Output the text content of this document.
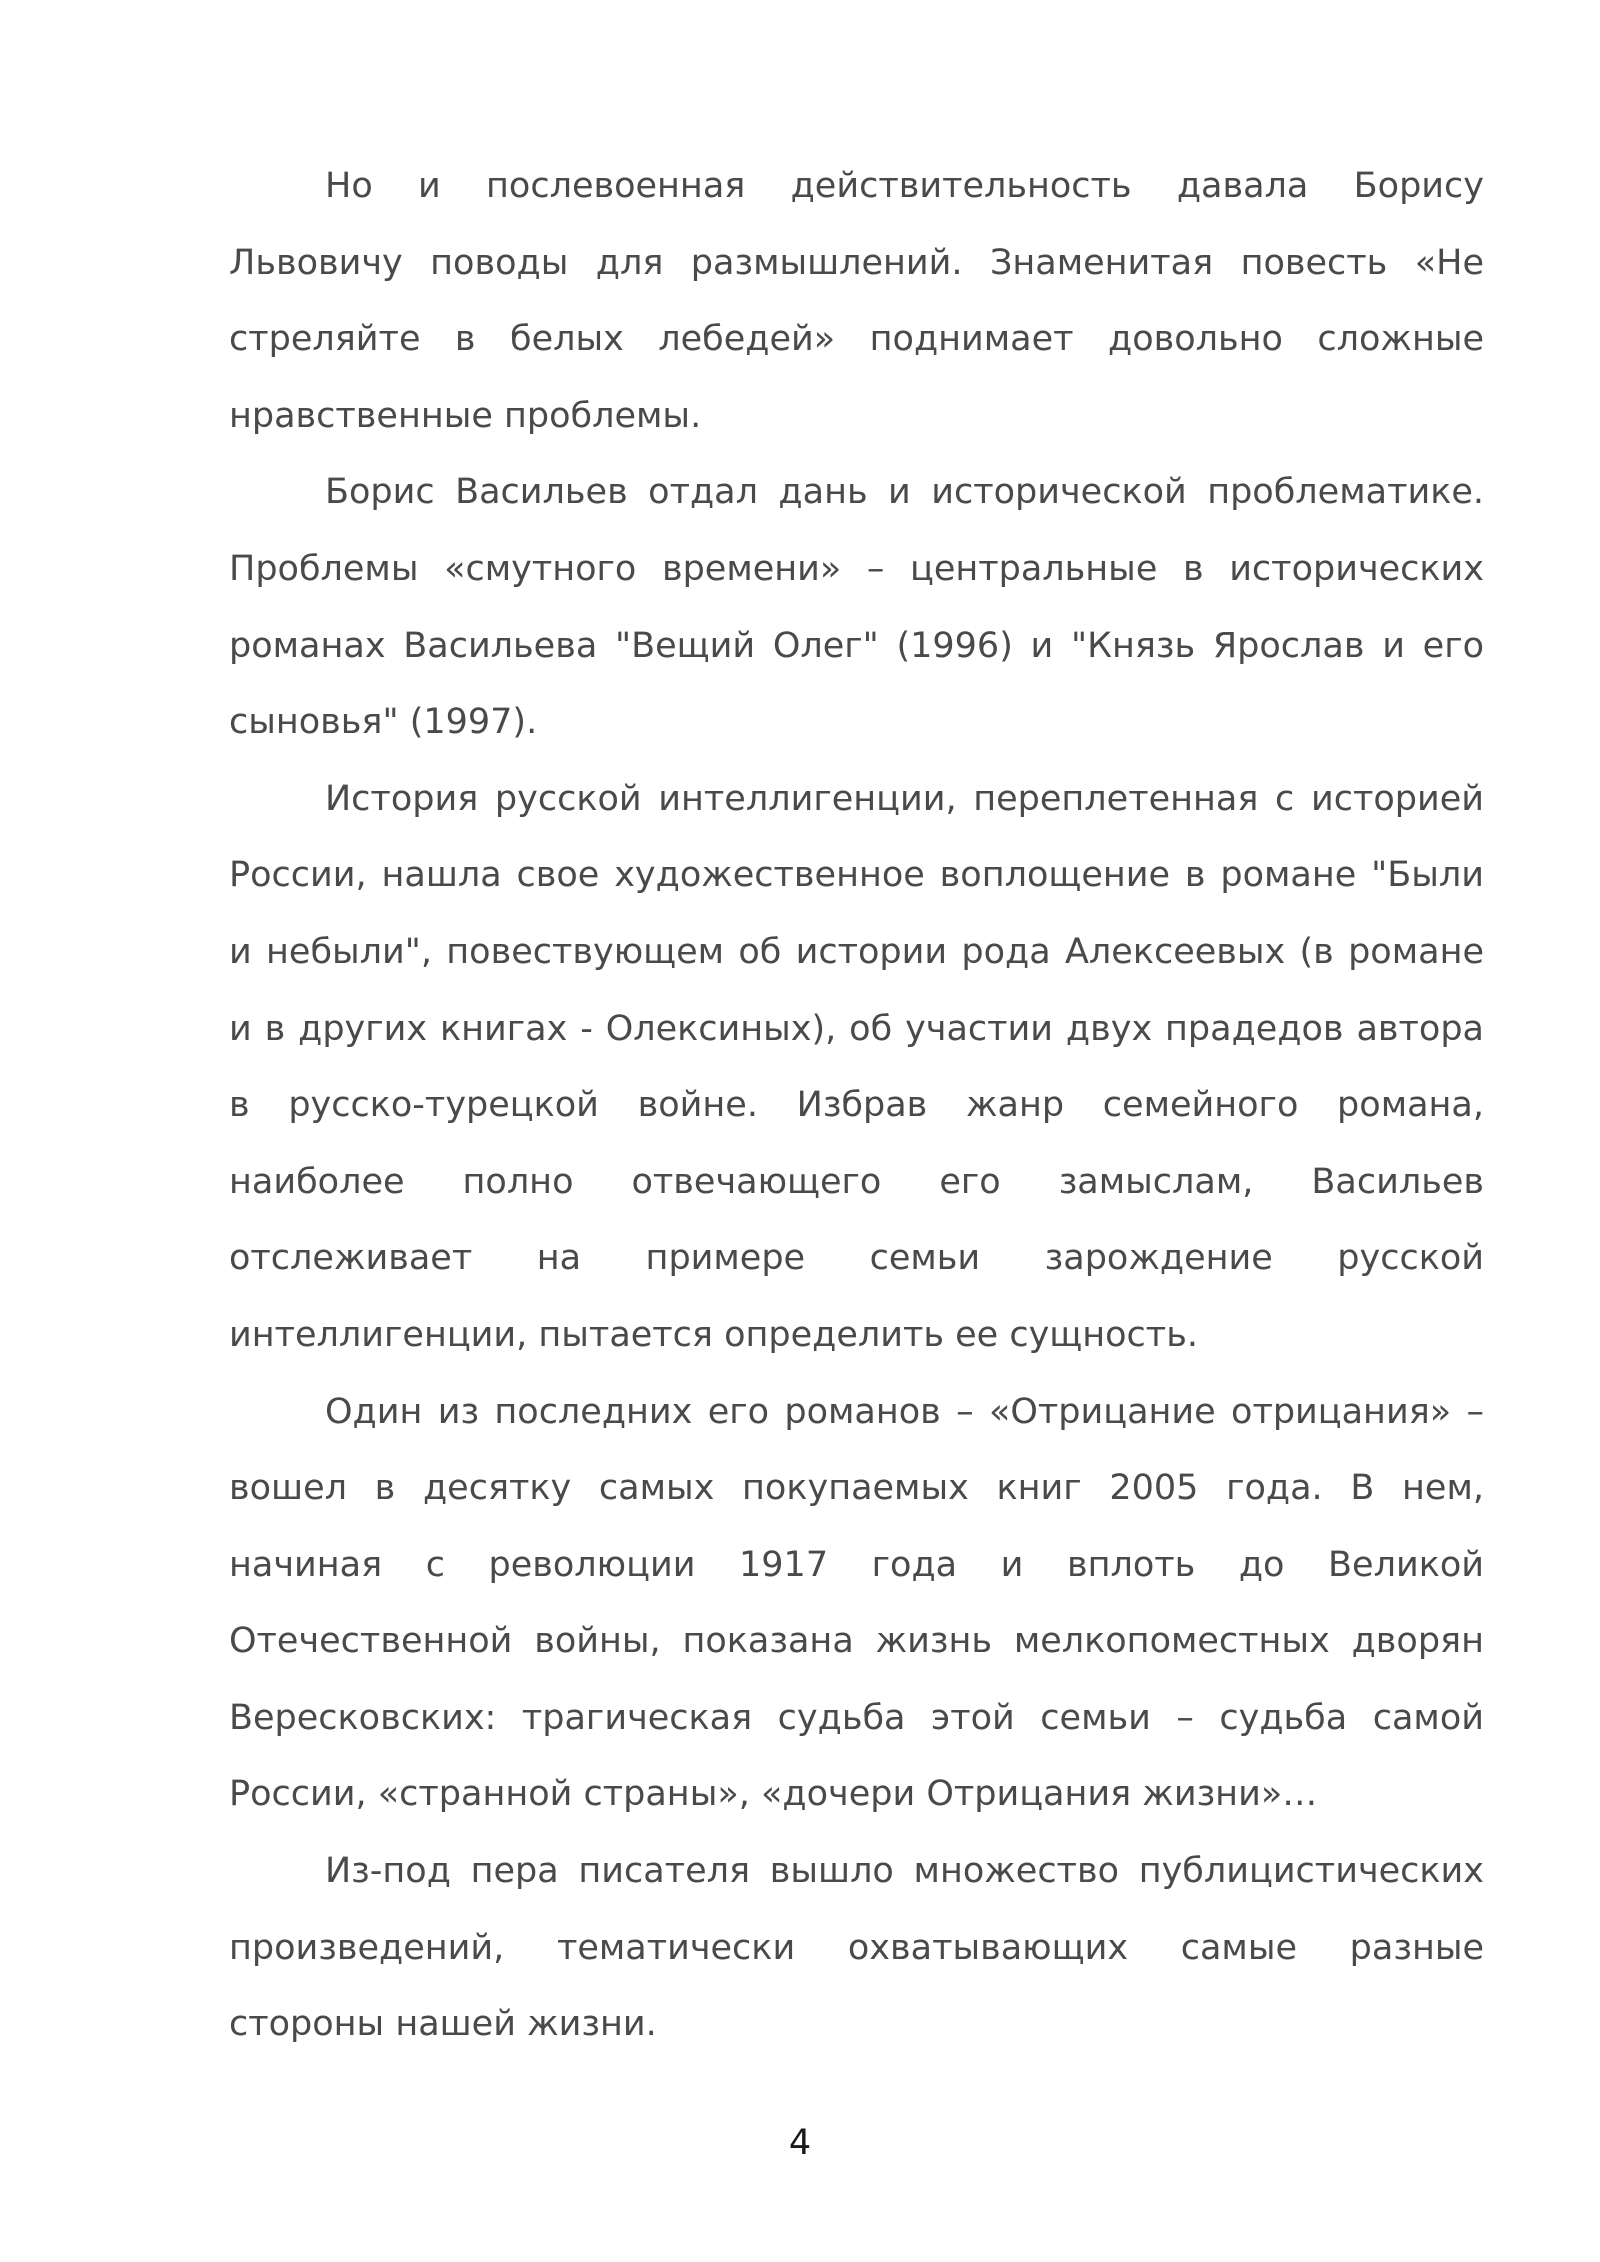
Но и послевоенная действительность давала Борису Львовичу поводы для размышлений. Знаменитая повесть «Не стреляйте в белых лебедей» поднимает довольно сложные нравственные проблемы.

Борис Васильев отдал дань и исторической проблематике. Проблемы «смутного времени» – центральные в исторических романах Васильева "Вещий Олег" (1996) и "Князь Ярослав и его сыновья" (1997).

История русской интеллигенции, переплетенная с историей России, нашла свое художественное воплощение в романе "Были и небыли", повествующем об истории рода Алексеевых (в романе и в других книгах - Олексиных), об участии двух прадедов автора в русско-турецкой войне. Избрав жанр семейного романа, наиболее полно отвечающего его замыслам, Васильев отслеживает на примере семьи зарождение русской интеллигенции, пытается определить ее сущность.

Один из последних его романов – «Отрицание отрицания» – вошел в десятку самых покупаемых книг 2005 года. В нем, начиная с революции 1917 года и вплоть до Великой Отечественной войны, показана жизнь мелкопоместных дворян Вересковских: трагическая судьба этой семьи – судьба самой России, «странной страны», «дочери Отрицания жизни»…

Из-под пера писателя вышло множество публицистических произведений, тематически охватывающих самые разные стороны нашей жизни.

4
